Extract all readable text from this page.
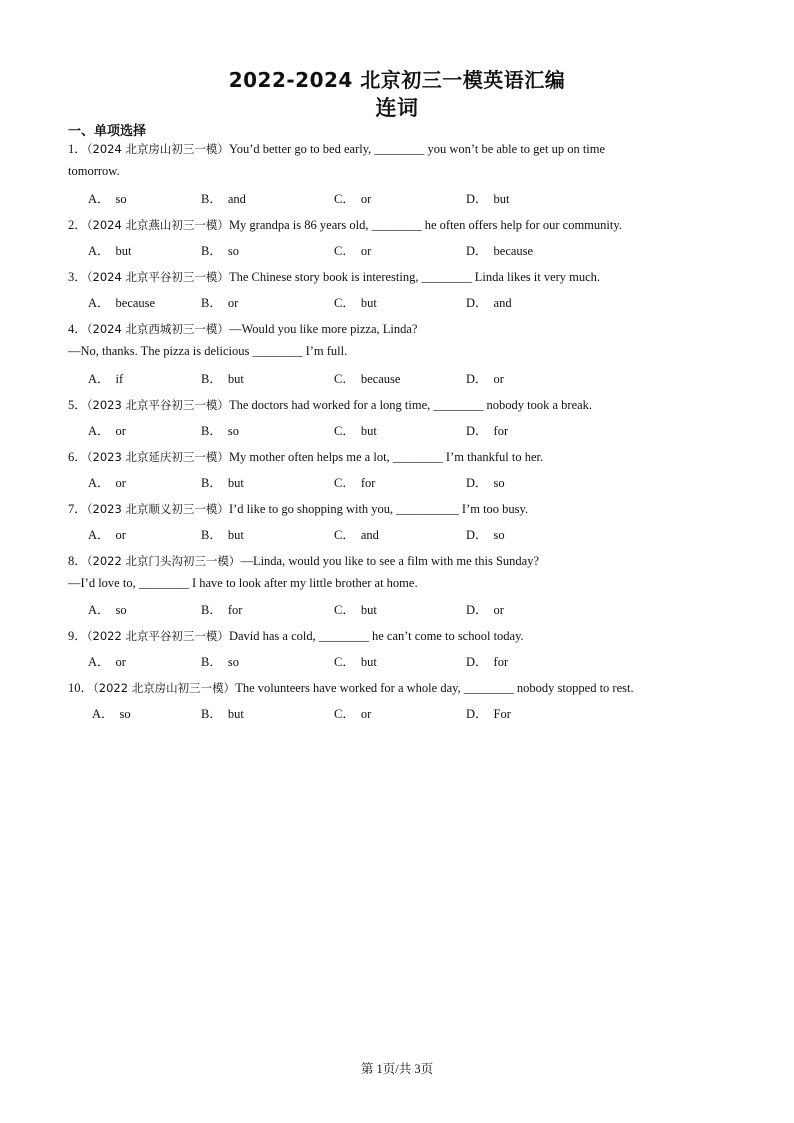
2022-2024 北京初三一模英语汇编
连词
一、单项选择
1．（2024 北京房山初三一模）You’d better go to bed early, ________ you won’t be able to get up on time
tomorrow.
A． so	B． and	C． or	D． but
2．（2024 北京燕山初三一模）My grandpa is 86 years old, ________ he often offers help for our community.
A． but	B． so	C． or	D． because
3．（2024 北京平谷初三一模）The Chinese story book is interesting, ________ Linda likes it very much.
A． because	B． or	C． but	D． and
4．（2024 北京西城初三一模）—Would you like more pizza, Linda?
—No, thanks. The pizza is delicious ________ I’m full.
A． if	B． but	C． because	D． or
5．（2023 北京平谷初三一模）The doctors had worked for a long time, ________ nobody took a break.
A． or	B． so	C． but	D． for
6．（2023 北京延庆初三一模）My mother often helps me a lot, ________ I’m thankful to her.
A． or	B． but	C． for	D． so
7．（2023 北京顺义初三一模）I’d like to go shopping with you, __________ I’m too busy.
A． or	B． but	C． and	D． so
8．（2022 北京门头沟初三一模）—Linda, would you like to see a film with me this Sunday?
—I’d love to, ________ I have to look after my little brother at home.
A． so	B． for	C． but	D． or
9．（2022 北京平谷初三一模）David has a cold, ________ he can’t come to school today.
A． or	B． so	C． but	D． for
10．（2022 北京房山初三一模）The volunteers have worked for a whole day, ________ nobody stopped to rest.
A． so	B． but	C． or	D． For
第 1页/共 3页
